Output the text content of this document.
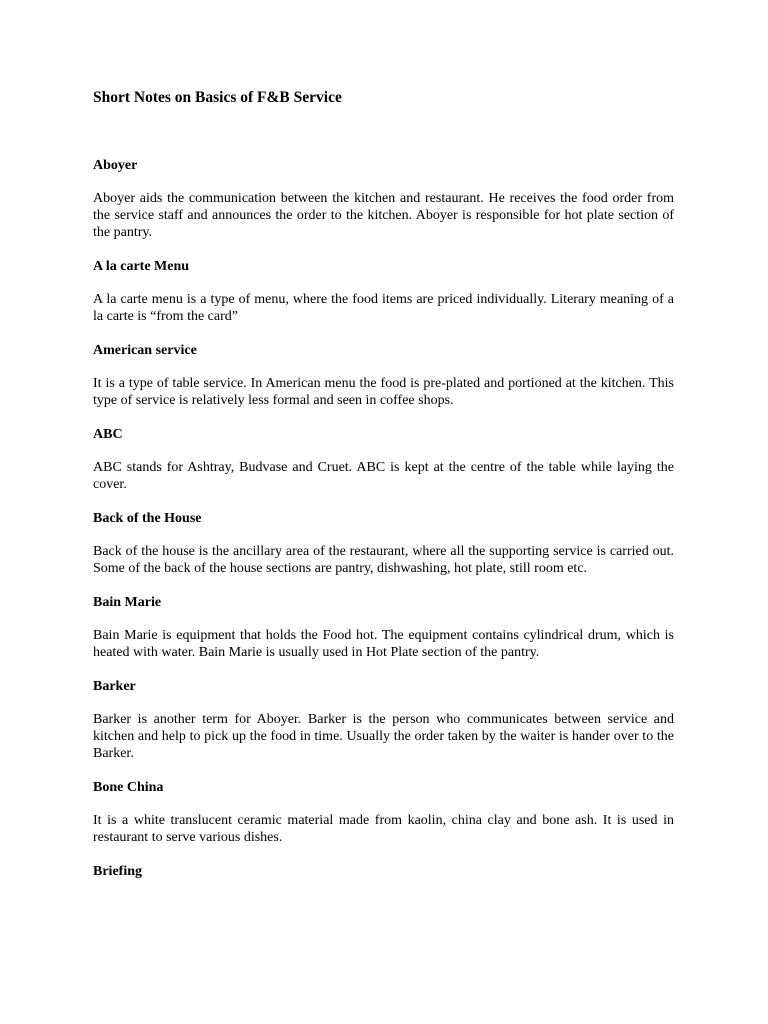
Short Notes on Basics of F&B Service
Aboyer
Aboyer aids the communication between the kitchen and restaurant. He receives the food order from the service staff and announces the order to the kitchen. Aboyer is responsible for hot plate section of the pantry.
A la carte Menu
A la carte menu is a type of menu, where the food items are priced individually. Literary meaning of a la carte is “from the card”
American service
It is a type of table service. In American menu the food is pre-plated and portioned at the kitchen. This type of service is relatively less formal and seen in coffee shops.
ABC
ABC stands for Ashtray, Budvase and Cruet. ABC is kept at the centre of the table while laying the cover.
Back of the House
Back of the house is the ancillary area of the restaurant, where all the supporting service is carried out. Some of the back of the house sections are pantry, dishwashing, hot plate, still room etc.
Bain Marie
Bain Marie is equipment that holds the Food hot. The equipment contains cylindrical drum, which is heated with water. Bain Marie is usually used in Hot Plate section of the pantry.
Barker
Barker is another term for Aboyer. Barker is the person who communicates between service and kitchen and help to pick up the food in time. Usually the order taken by the waiter is hander over to the Barker.
Bone China
It is a white translucent ceramic material made from kaolin, china clay and bone ash. It is used in restaurant to serve various dishes.
Briefing
